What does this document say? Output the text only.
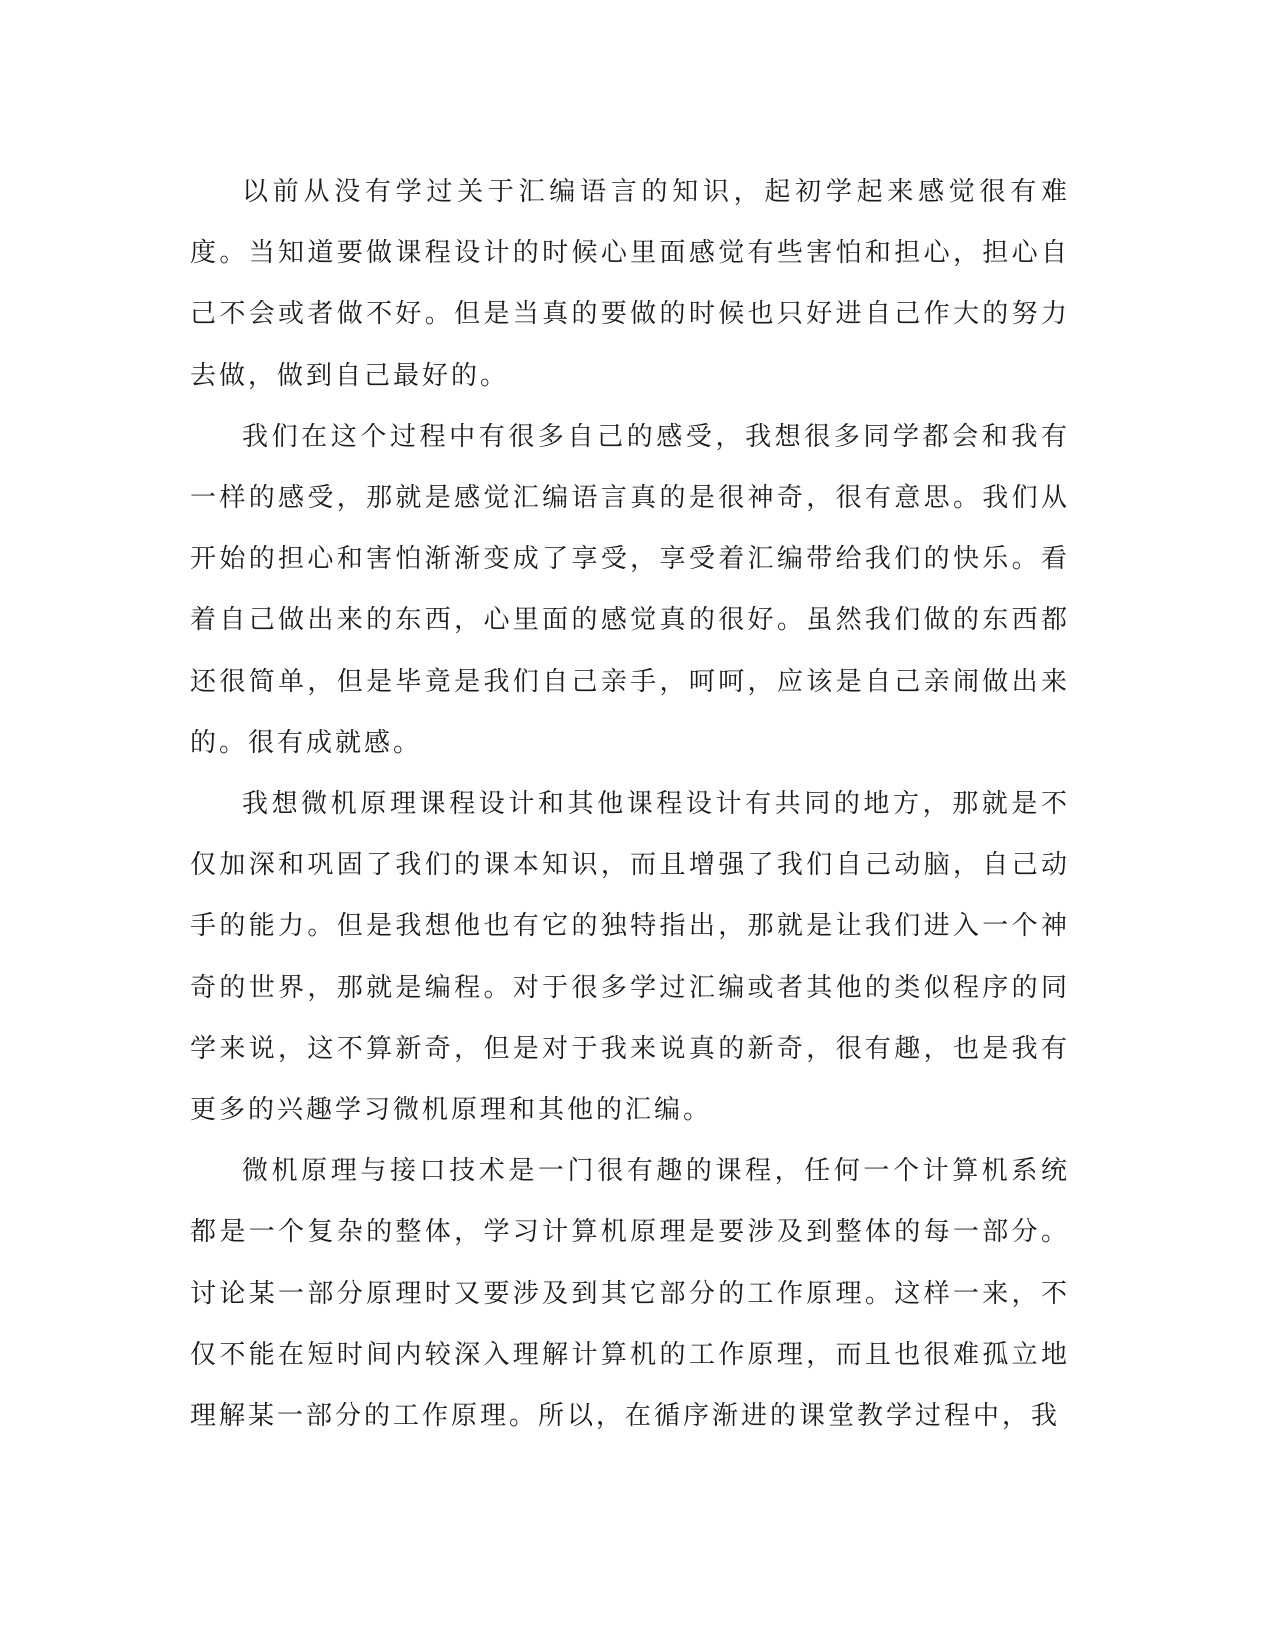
以前从没有学过关于汇编语言的知识，起初学起来感觉很有难度。当知道要做课程设计的时候心里面感觉有些害怕和担心，担心自己不会或者做不好。但是当真的要做的时候也只好进自己作大的努力去做，做到自己最好的。

我们在这个过程中有很多自己的感受，我想很多同学都会和我有一样的感受，那就是感觉汇编语言真的是很神奇，很有意思。我们从开始的担心和害怕渐渐变成了享受，享受着汇编带给我们的快乐。看着自己做出来的东西，心里面的感觉真的很好。虽然我们做的东西都还很简单，但是毕竟是我们自己亲手，呵呵，应该是自己亲闹做出来的。很有成就感。

我想微机原理课程设计和其他课程设计有共同的地方，那就是不仅加深和巩固了我们的课本知识，而且增强了我们自己动脑，自己动手的能力。但是我想他也有它的独特指出，那就是让我们进入一个神奇的世界，那就是编程。对于很多学过汇编或者其他的类似程序的同学来说，这不算新奇，但是对于我来说真的新奇，很有趣，也是我有更多的兴趣学习微机原理和其他的汇编。

微机原理与接口技术是一门很有趣的课程，任何一个计算机系统都是一个复杂的整体，学习计算机原理是要涉及到整体的每一部分。讨论某一部分原理时又要涉及到其它部分的工作原理。这样一来，不仅不能在短时间内较深入理解计算机的工作原理，而且也很难孤立地理解某一部分的工作原理。所以，在循序渐进的课堂教学过程中，我
